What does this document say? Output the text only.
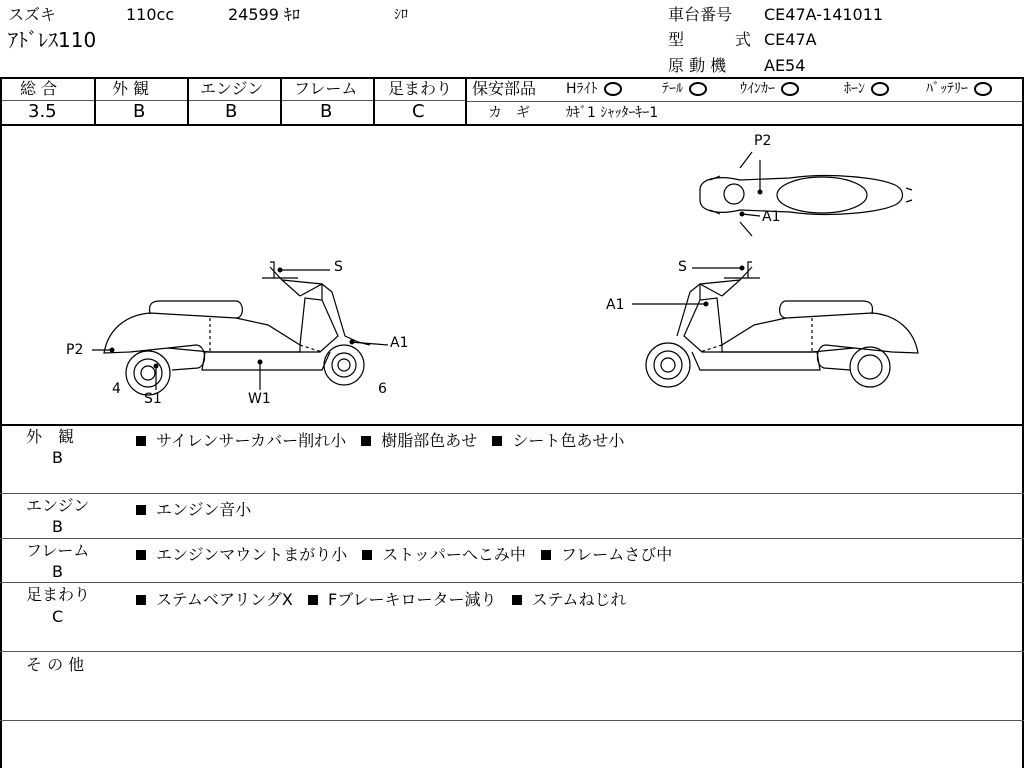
スズキ	110cc	24599 ｷﾛ	ｼﾛ
ｱﾄﾞﾚｽ110
車台番号 CE47A-141011
型	式 CE47A
原 動 機 AE54
総 合	外 観	エンジン フレーム 足まわり
3.5	B	B	B	C
保安部品 Hﾗｲﾄ	ﾃｰﾙ	ｳｲﾝｶｰ	ﾎｰﾝ	ﾊﾞｯﾃﾘｰ
カ　ギ	ｶｷﾞ1 ｼｬｯﾀｰｷｰ1
S
P2	A1
4
S1	W1
6
S
A1
P2
A1
外　観
B
サイレンサーカバー削れ小 樹脂部色あせ シート色あせ小
エンジン
B
エンジン音小
フレーム
B
エンジンマウントまがり小 ストッパーへこみ中 フレームさび中
足まわり
C
ステムベアリングX Fブレーキローター減り ステムねじれ
そ の 他
